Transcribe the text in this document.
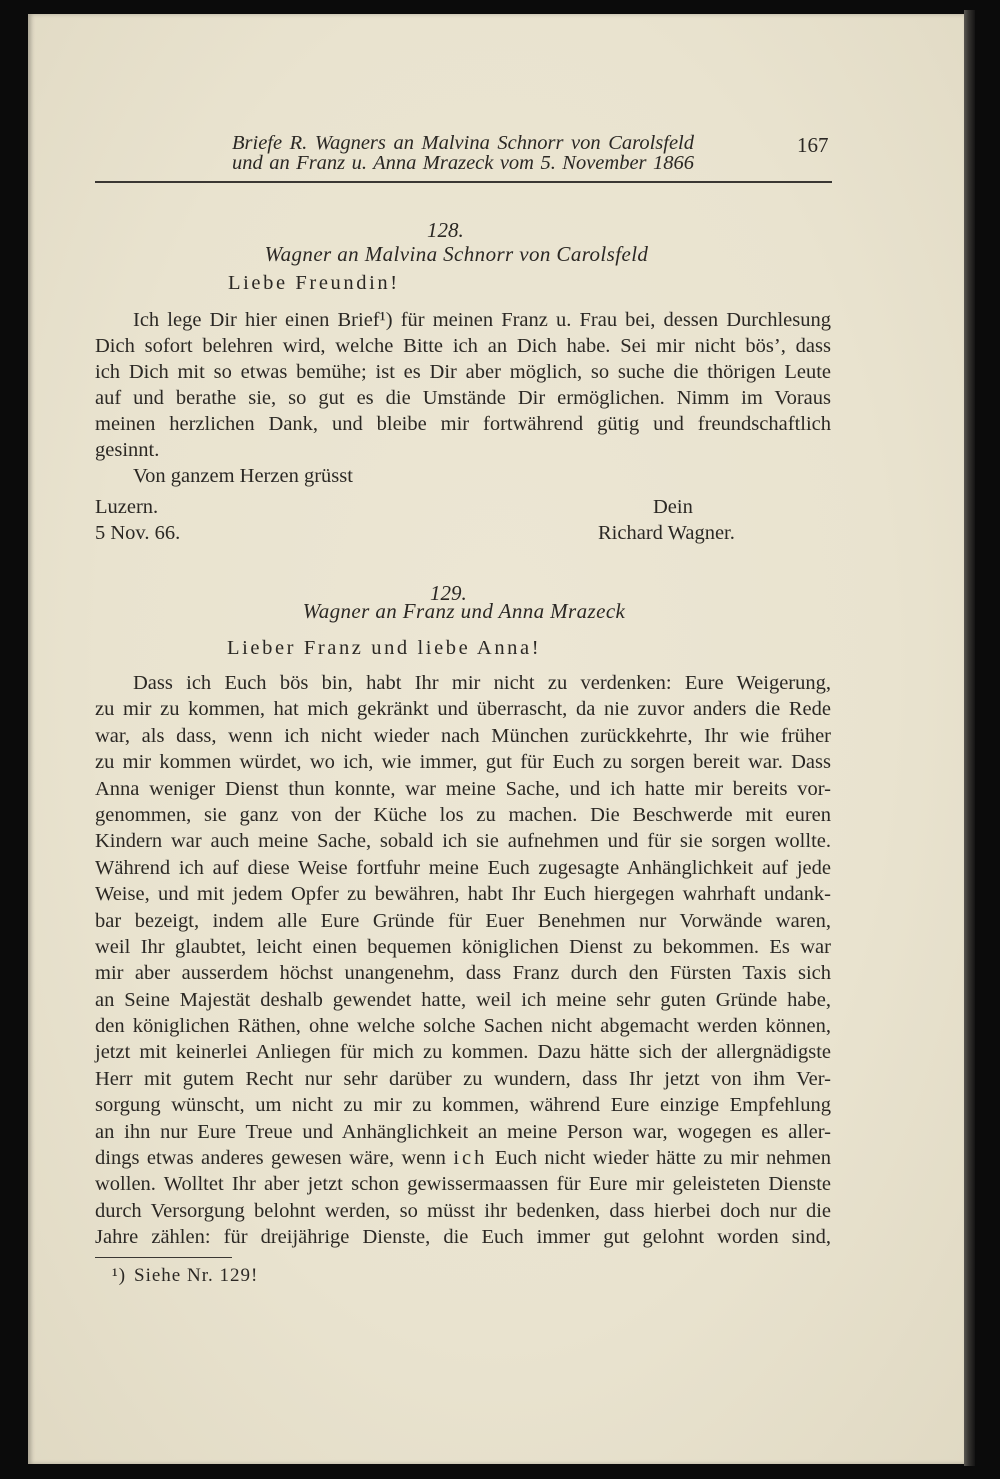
Briefe R. Wagners an Malvina Schnorr von Carolsfeld
und an Franz u. Anna Mrazeck vom 5. November 1866
167
128.
Wagner an Malvina Schnorr von Carolsfeld
Liebe Freundin!
Ich lege Dir hier einen Brief¹) für meinen Franz u. Frau bei, dessen Durchlesung
Dich sofort belehren wird, welche Bitte ich an Dich habe. Sei mir nicht bös’, dass
ich Dich mit so etwas bemühe; ist es Dir aber möglich, so suche die thörigen Leute
auf und berathe sie, so gut es die Umstände Dir ermöglichen. Nimm im Voraus
meinen herzlichen Dank, und bleibe mir fortwährend gütig und freundschaftlich
gesinnt.
Von ganzem Herzen grüsst
Luzern.	Dein
5 Nov. 66.	Richard Wagner.
129.
Wagner an Franz und Anna Mrazeck
Lieber Franz und liebe Anna!
Dass ich Euch bös bin, habt Ihr mir nicht zu verdenken: Eure Weigerung,
zu mir zu kommen, hat mich gekränkt und überrascht, da nie zuvor anders die Rede
war, als dass, wenn ich nicht wieder nach München zurückkehrte, Ihr wie früher
zu mir kommen würdet, wo ich, wie immer, gut für Euch zu sorgen bereit war. Dass
Anna weniger Dienst thun konnte, war meine Sache, und ich hatte mir bereits vor-
genommen, sie ganz von der Küche los zu machen. Die Beschwerde mit euren
Kindern war auch meine Sache, sobald ich sie aufnehmen und für sie sorgen wollte.
Während ich auf diese Weise fortfuhr meine Euch zugesagte Anhänglichkeit auf jede
Weise, und mit jedem Opfer zu bewähren, habt Ihr Euch hiergegen wahrhaft undank-
bar bezeigt, indem alle Eure Gründe für Euer Benehmen nur Vorwände waren,
weil Ihr glaubtet, leicht einen bequemen königlichen Dienst zu bekommen. Es war
mir aber ausserdem höchst unangenehm, dass Franz durch den Fürsten Taxis sich
an Seine Majestät deshalb gewendet hatte, weil ich meine sehr guten Gründe habe,
den königlichen Räthen, ohne welche solche Sachen nicht abgemacht werden können,
jetzt mit keinerlei Anliegen für mich zu kommen. Dazu hätte sich der allergnädigste
Herr mit gutem Recht nur sehr darüber zu wundern, dass Ihr jetzt von ihm Ver-
sorgung wünscht, um nicht zu mir zu kommen, während Eure einzige Empfehlung
an ihn nur Eure Treue und Anhänglichkeit an meine Person war, wogegen es aller-
dings etwas anderes gewesen wäre, wenn ich Euch nicht wieder hätte zu mir nehmen
wollen. Wolltet Ihr aber jetzt schon gewissermaassen für Eure mir geleisteten Dienste
durch Versorgung belohnt werden, so müsst ihr bedenken, dass hierbei doch nur die
Jahre zählen: für dreijährige Dienste, die Euch immer gut gelohnt worden sind,
¹) Siehe Nr. 129!
